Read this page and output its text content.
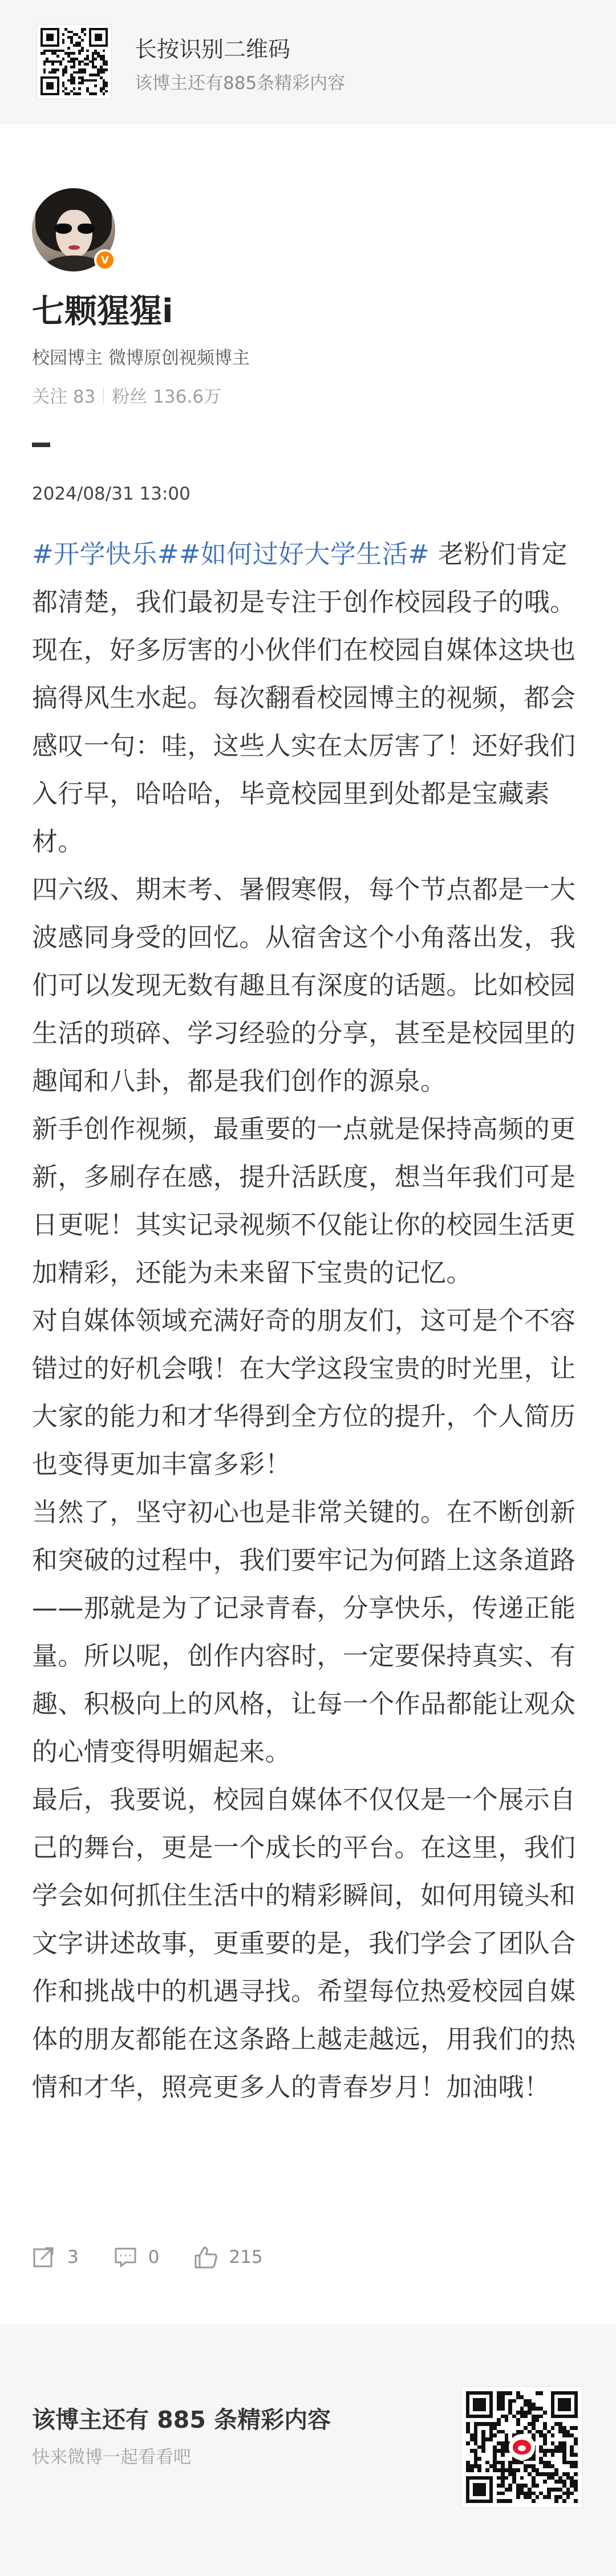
长按识别二维码
该博主还有885条精彩内容
V
七颗猩猩i
校园博主 微博原创视频博主
关注 83 粉丝 136.6万
2024/08/31 13:00

#开学快乐##如何过好大学生活# 老粉们肯定都清楚，我们最初是专注于创作校园段子的哦。现在，好多厉害的小伙伴们在校园自媒体这块也搞得风生水起。每次翻看校园博主的视频，都会感叹一句：哇，这些人实在太厉害了！还好我们入行早，哈哈哈，毕竟校园里到处都是宝藏素材。

四六级、期末考、暑假寒假，每个节点都是一大波感同身受的回忆。从宿舍这个小角落出发，我们可以发现无数有趣且有深度的话题。比如校园生活的琐碎、学习经验的分享，甚至是校园里的趣闻和八卦，都是我们创作的源泉。

新手创作视频，最重要的一点就是保持高频的更新，多刷存在感，提升活跃度，想当年我们可是日更呢！其实记录视频不仅能让你的校园生活更加精彩，还能为未来留下宝贵的记忆。

对自媒体领域充满好奇的朋友们，这可是个不容错过的好机会哦！在大学这段宝贵的时光里，让大家的能力和才华得到全方位的提升，个人简历也变得更加丰富多彩！

当然了，坚守初心也是非常关键的。在不断创新和突破的过程中，我们要牢记为何踏上这条道路——那就是为了记录青春，分享快乐，传递正能量。所以呢，创作内容时，一定要保持真实、有趣、积极向上的风格，让每一个作品都能让观众的心情变得明媚起来。

最后，我要说，校园自媒体不仅仅是一个展示自己的舞台，更是一个成长的平台。在这里，我们学会如何抓住生活中的精彩瞬间，如何用镜头和文字讲述故事，更重要的是，我们学会了团队合作和挑战中的机遇寻找。希望每位热爱校园自媒体的朋友都能在这条路上越走越远，用我们的热情和才华，照亮更多人的青春岁月！加油哦！

3	0	215
该博主还有 885 条精彩内容
快来微博一起看看吧
